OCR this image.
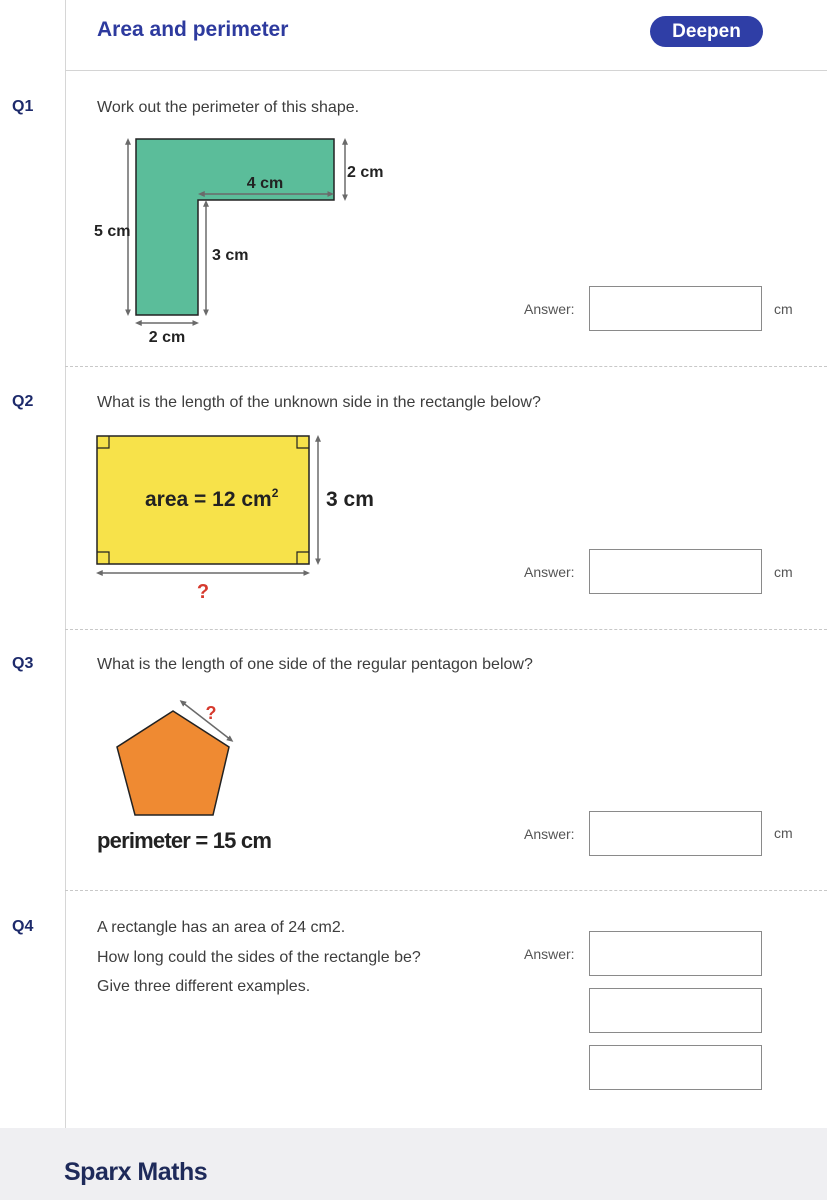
Area and perimeter	Deepen
Q1	Work out the perimeter of this shape.
4 cm
2 cm
5 cm
3 cm
2 cm
Answer:	cm
Q2	What is the length of the unknown side in the rectangle below?
area = 12 $cm^2$ 3 cm
?
Answer:	cm
Q3	What is the length of one side of the regular pentagon below?
?
perimeter = 15 cm	Answer:	cm
Q4	A rectangle has an area of 24 cm2.
How long could the sides of the rectangle be?
Give three different examples.
Answer:
Sparx Maths
